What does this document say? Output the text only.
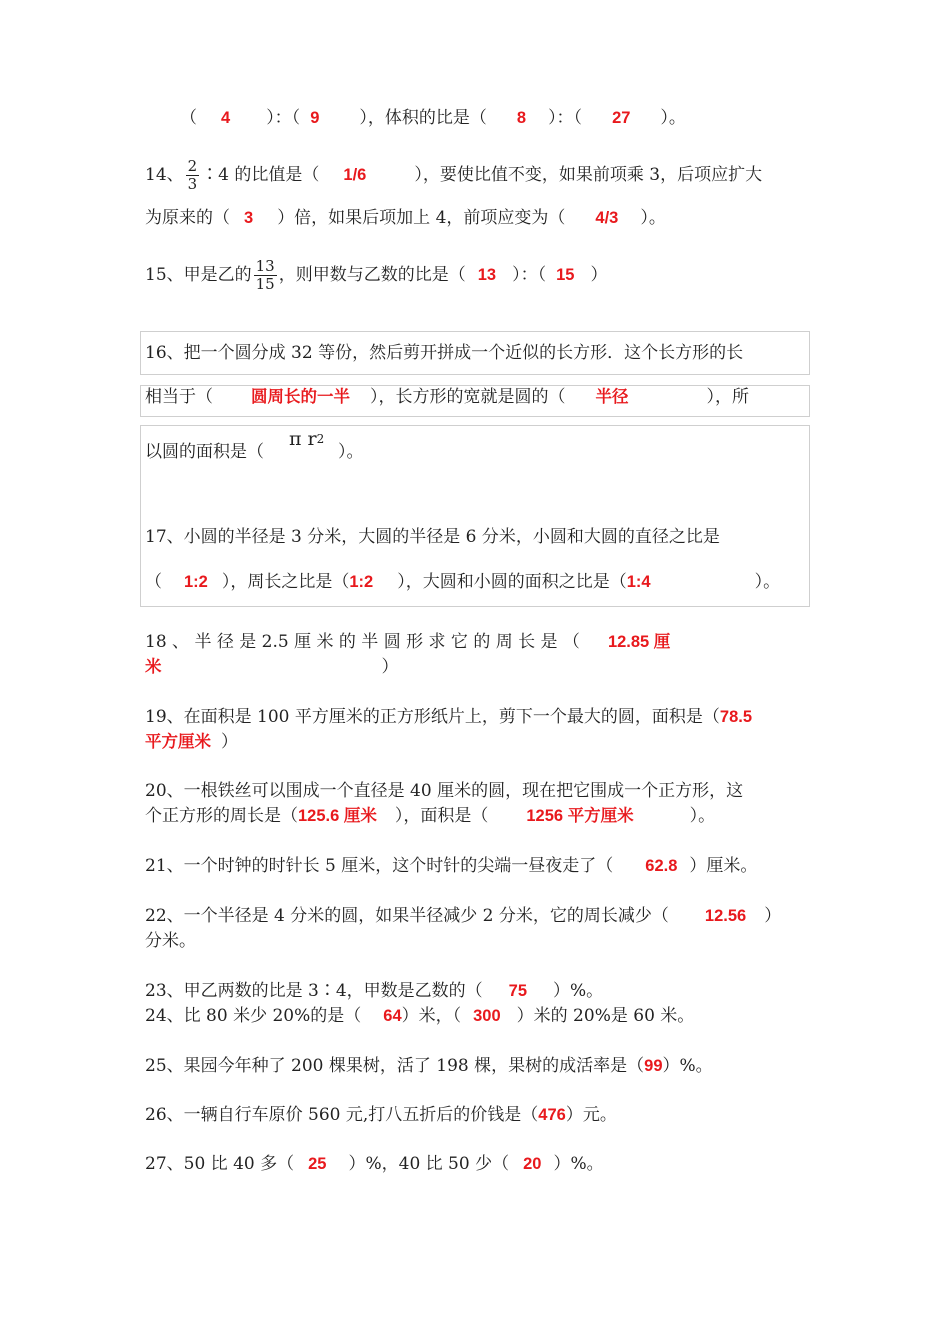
（ 4 ）：（ 9 ），体积的比是（ 8 ）：（ 27 ）。
14、 $\frac{2}{3}$ ∶4 的比值是（ 1/6	），要使比值不变，如果前项乘 3，后项应扩大
为原来的（ 3 ）倍，如果后项加上 4，前项应变为（ 4/3 ）。
15、甲是乙的 $\frac{13}{15}$ ，则甲数与乙数的比是（ 13 ）：（ 15 ）
16、把一个圆分成 32 等份，然后剪开拼成一个近似的长方形．这个长方形的长
相当于（ 圆周长的一半 ），长方形的宽就是圆的（ 半径	），所
π $r^2$
以圆的面积是（	）。
17、小圆的半径是 3 分米，大圆的半径是 6 分米，小圆和大圆的直径之比是
（ 1:2 ），周长之比是（1:2 ），大圆和小圆的面积之比是（1:4	）。
18 、 半 径 是 2.5 厘 米 的 半 圆 形 求 它 的 周 长 是 （ 12.85 厘
米	）
19、在面积是 100 平方厘米的正方形纸片上，剪下一个最大的圆，面积是（78.5
平方厘米 ）
20、一根铁丝可以围成一个直径是 40 厘米的圆，现在把它围成一个正方形，这
个正方形的周长是（125.6 厘米 ），面积是（ 1256 平方厘米	）。
21、一个时钟的时针长 5 厘米，这个时针的尖端一昼夜走了（ 62.8 ）厘米。
22、一个半径是 4 分米的圆，如果半径减少 2 分米，它的周长减少（ 12.56 ）
分米。
23、甲乙两数的比是 3∶4，甲数是乙数的（ 75 ）%。
24、比 80 米少 20%的是（ 64）米，（ 300 ）米的 20%是 60 米。
25、果园今年种了 200 棵果树，活了 198 棵，果树的成活率是（99）%。
26、一辆自行车原价 560 元,打八五折后的价钱是（476）元。
27、50 比 40 多（ 25 ）%，40 比 50 少（ 20 ）%。
